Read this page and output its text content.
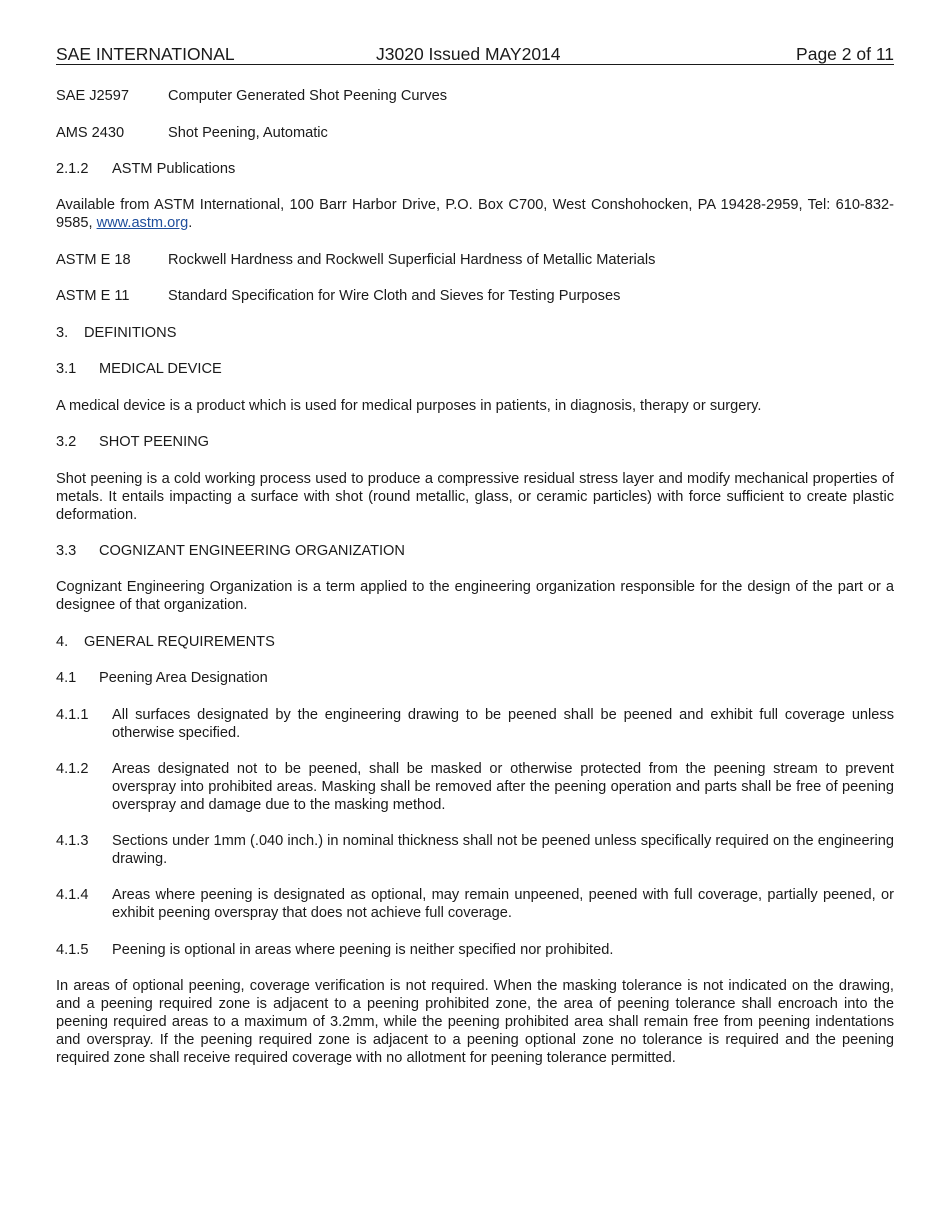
SAE INTERNATIONAL	J3020 Issued MAY2014	Page 2 of 11
SAE J2597	Computer Generated Shot Peening Curves
AMS 2430	Shot Peening, Automatic
2.1.2 ASTM Publications
Available from ASTM International, 100 Barr Harbor Drive, P.O. Box C700, West Conshohocken, PA 19428-2959, Tel: 610-832-9585, www.astm.org.
ASTM E 18	Rockwell Hardness and Rockwell Superficial Hardness of Metallic Materials
ASTM E 11	Standard Specification for Wire Cloth and Sieves for Testing Purposes
3. DEFINITIONS
3.1 MEDICAL DEVICE
A medical device is a product which is used for medical purposes in patients, in diagnosis, therapy or surgery.
3.2 SHOT PEENING
Shot peening is a cold working process used to produce a compressive residual stress layer and modify mechanical properties of metals. It entails impacting a surface with shot (round metallic, glass, or ceramic particles) with force sufficient to create plastic deformation.
3.3 COGNIZANT ENGINEERING ORGANIZATION
Cognizant Engineering Organization is a term applied to the engineering organization responsible for the design of the part or a designee of that organization.
4. GENERAL REQUIREMENTS
4.1 Peening Area Designation
4.1.1 All surfaces designated by the engineering drawing to be peened shall be peened and exhibit full coverage unless otherwise specified.
4.1.2 Areas designated not to be peened, shall be masked or otherwise protected from the peening stream to prevent overspray into prohibited areas. Masking shall be removed after the peening operation and parts shall be free of peening overspray and damage due to the masking method.
4.1.3 Sections under 1mm (.040 inch.) in nominal thickness shall not be peened unless specifically required on the engineering drawing.
4.1.4 Areas where peening is designated as optional, may remain unpeened, peened with full coverage, partially peened, or exhibit peening overspray that does not achieve full coverage.
4.1.5 Peening is optional in areas where peening is neither specified nor prohibited.
In areas of optional peening, coverage verification is not required. When the masking tolerance is not indicated on the drawing, and a peening required zone is adjacent to a peening prohibited zone, the area of peening tolerance shall encroach into the peening required areas to a maximum of 3.2mm, while the peening prohibited area shall remain free from peening indentations and overspray. If the peening required zone is adjacent to a peening optional zone no tolerance is required and the peening required zone shall receive required coverage with no allotment for peening tolerance permitted.
